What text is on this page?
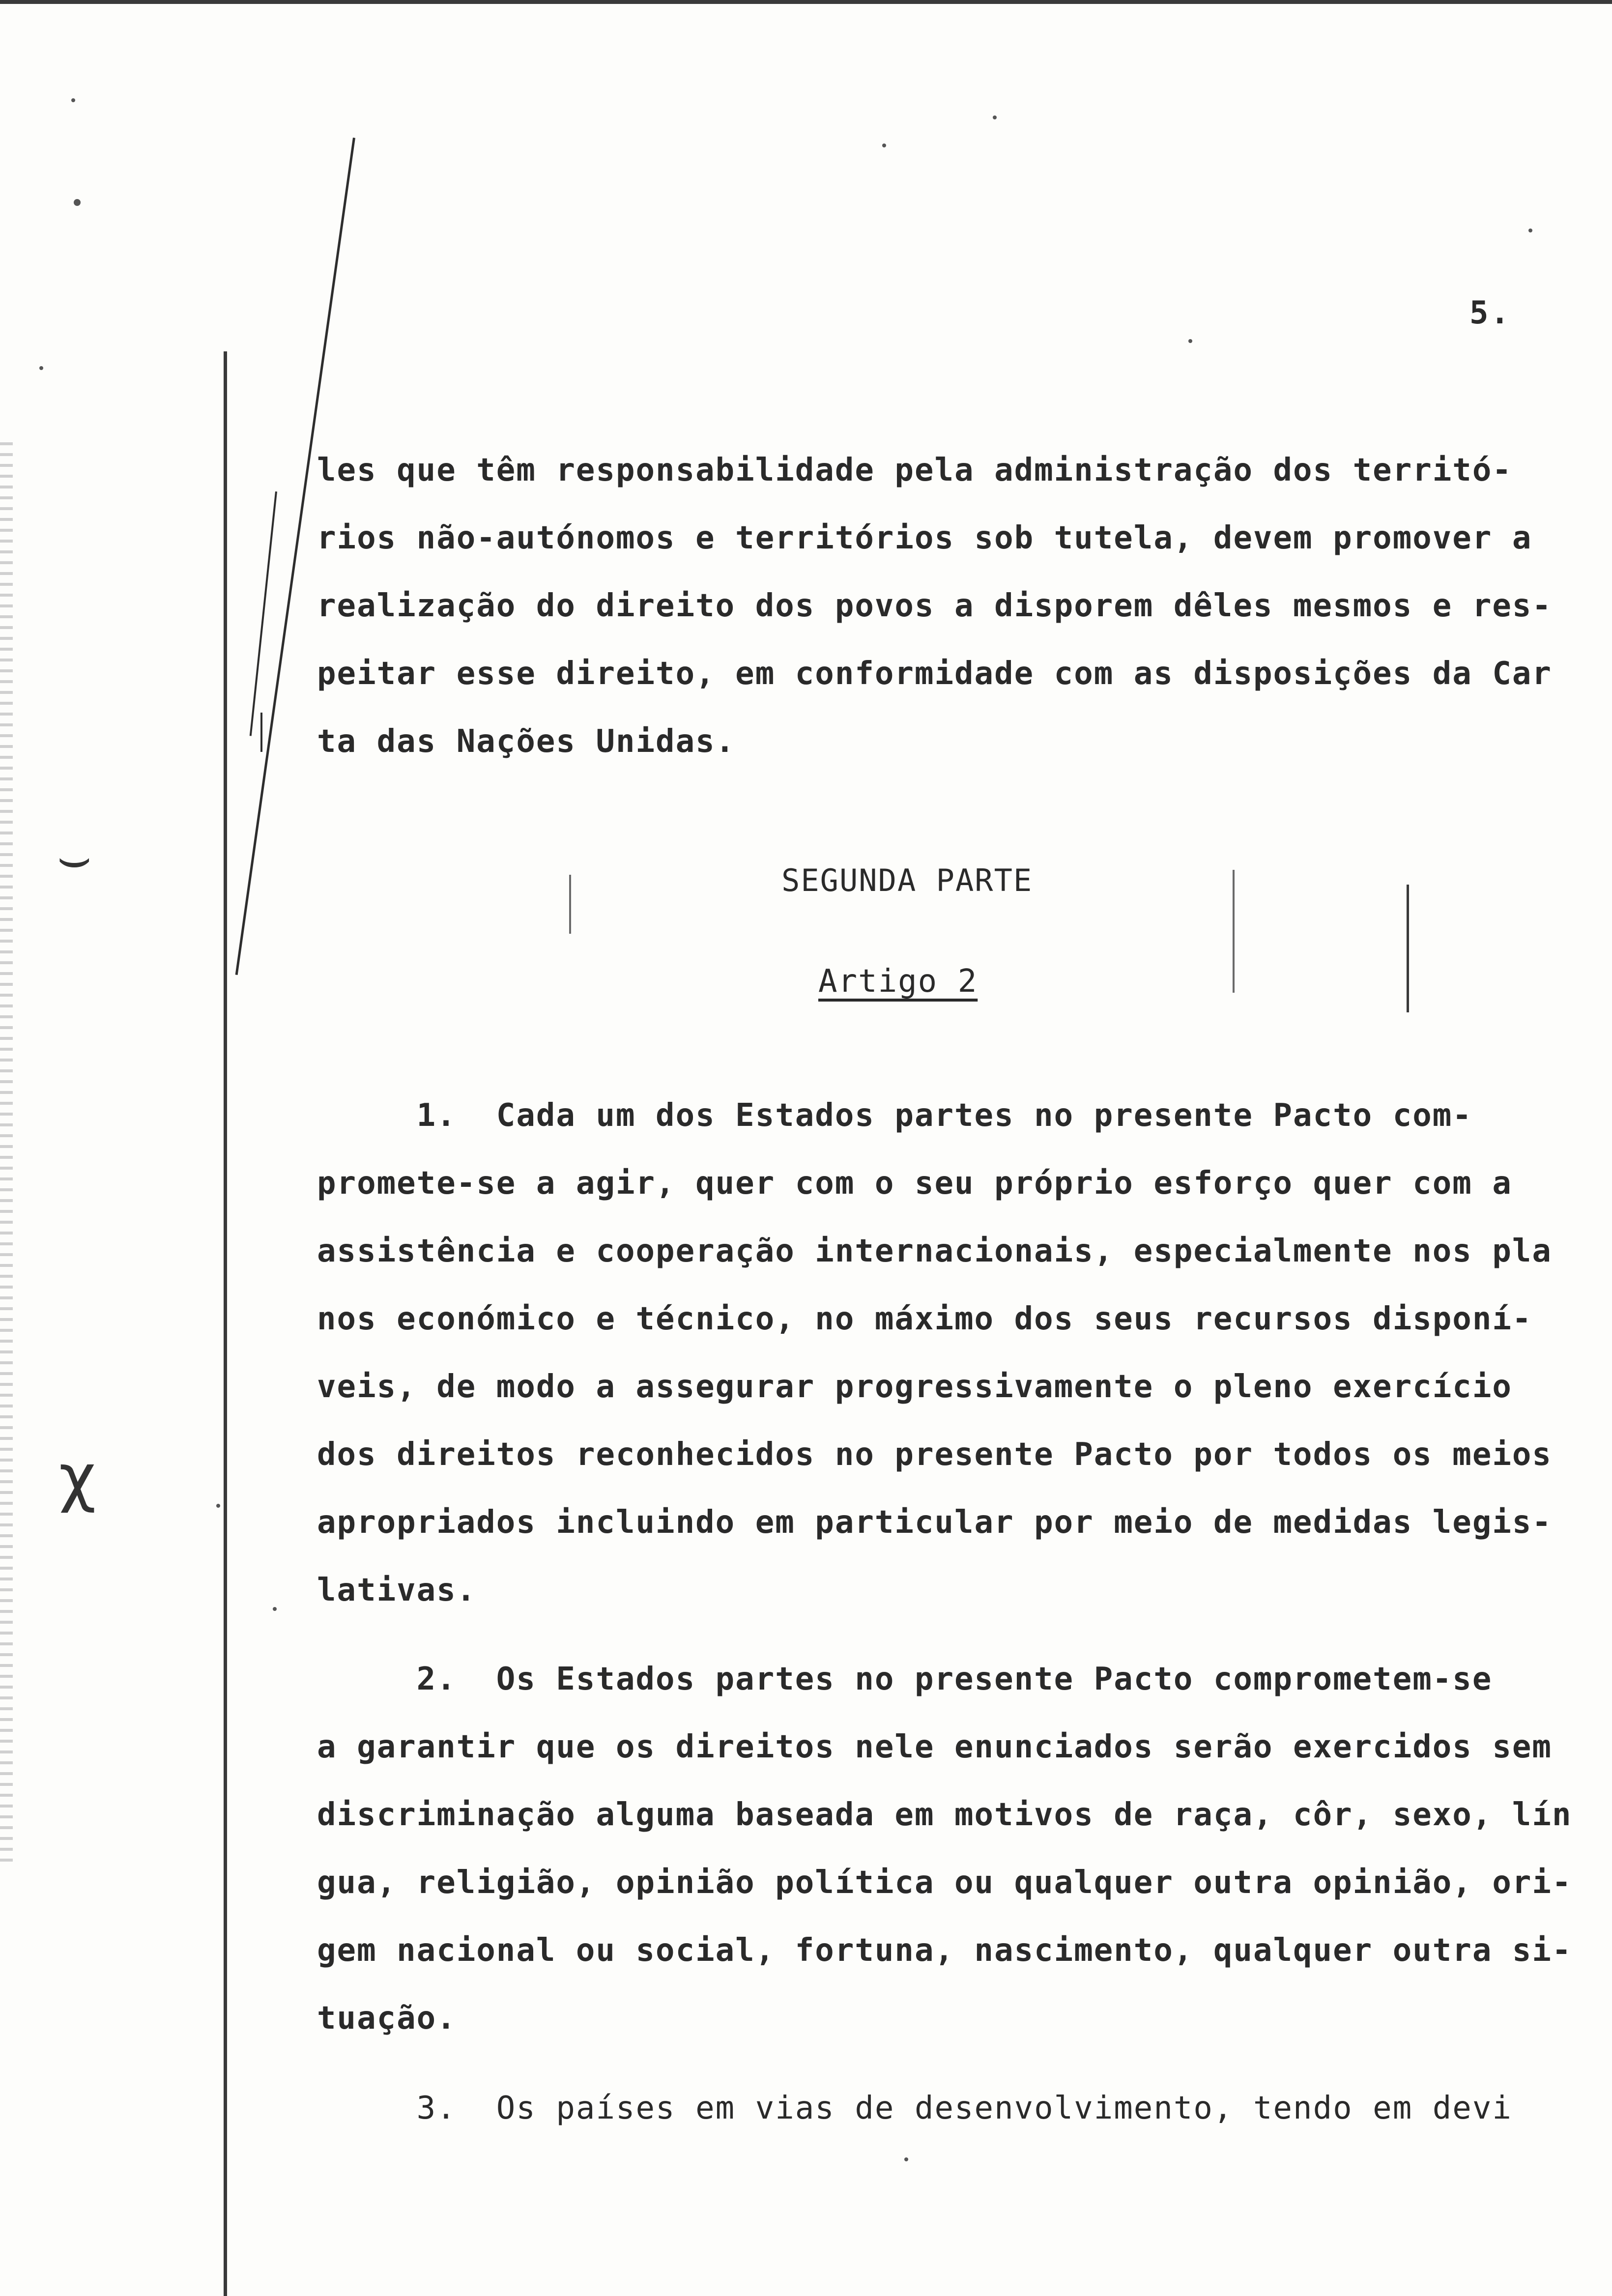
⌣
χ
5.
les que têm responsabilidade pela administração dos territó-
rios não-autónomos e territórios sob tutela, devem promover a
realização do direito dos povos a disporem dêles mesmos e res-
peitar esse direito, em conformidade com as disposições da Car
ta das Nações Unidas.
SEGUNDA PARTE
Artigo 2
1.  Cada um dos Estados partes no presente Pacto com-
promete-se a agir, quer com o seu próprio esforço quer com a
assistência e cooperação internacionais, especialmente nos pla
nos económico e técnico, no máximo dos seus recursos disponí-
veis, de modo a assegurar progressivamente o pleno exercício
dos direitos reconhecidos no presente Pacto por todos os meios
apropriados incluindo em particular por meio de medidas legis-
lativas.
2.  Os Estados partes no presente Pacto comprometem-se
a garantir que os direitos nele enunciados serão exercidos sem
discriminação alguma baseada em motivos de raça, côr, sexo, lín
gua, religião, opinião política ou qualquer outra opinião, ori-
gem nacional ou social, fortuna, nascimento, qualquer outra si-
tuação.
3.  Os países em vias de desenvolvimento, tendo em devi
